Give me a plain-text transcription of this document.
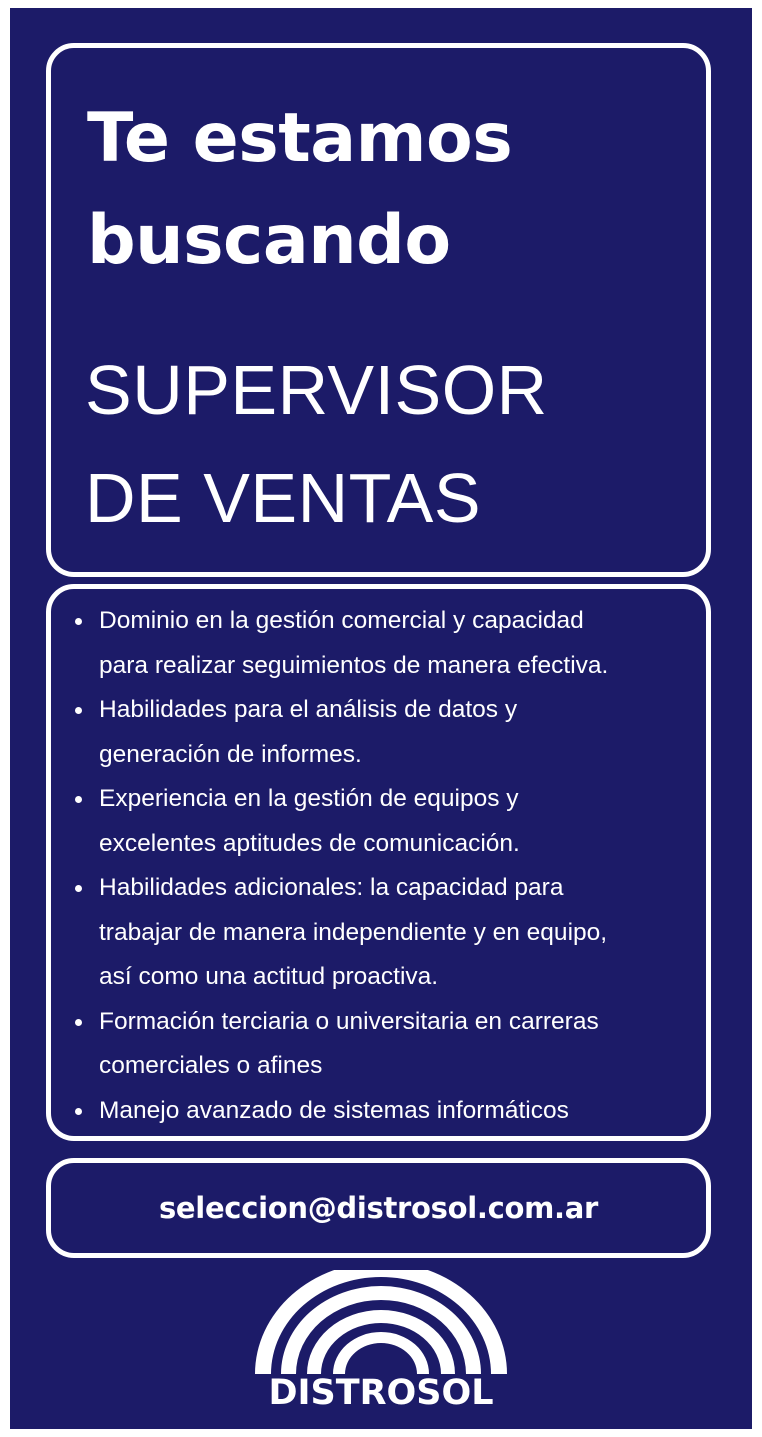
Te estamos
buscando
SUPERVISOR
DE VENTAS
Dominio en la gestión comercial y capacidad
para realizar seguimientos de manera efectiva.
Habilidades para el análisis de datos y
generación de informes.
Experiencia en la gestión de equipos y
excelentes aptitudes de comunicación.
Habilidades adicionales: la capacidad para
trabajar de manera independiente y en equipo,
así como una actitud proactiva.
Formación terciaria o universitaria en carreras
comerciales o afines
Manejo avanzado de sistemas informáticos
seleccion@distrosol.com.ar
DISTROSOL
